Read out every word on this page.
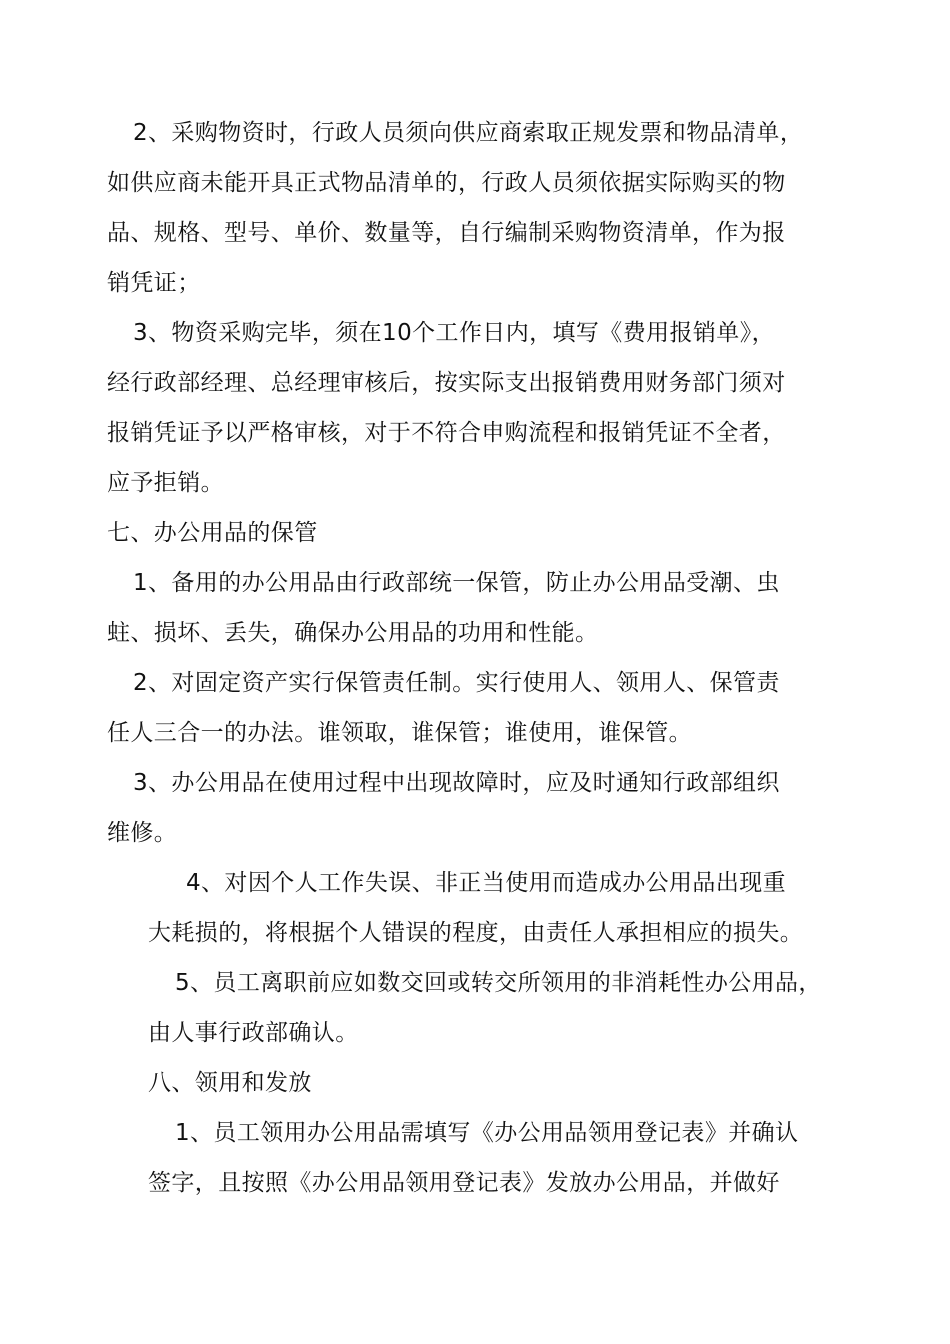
2、采购物资时，行政人员须向供应商索取正规发票和物品清单，
如供应商未能开具正式物品清单的，行政人员须依据实际购买的物
品、规格、型号、单价、数量等，自行编制采购物资清单，作为报
销凭证；
3、物资采购完毕，须在10个工作日内，填写《费用报销单》，
经行政部经理、总经理审核后，按实际支出报销费用财务部门须对
报销凭证予以严格审核，对于不符合申购流程和报销凭证不全者，
应予拒销。
七、办公用品的保管
1、备用的办公用品由行政部统一保管，防止办公用品受潮、虫
蛀、损坏、丢失，确保办公用品的功用和性能。
2、对固定资产实行保管责任制。实行使用人、领用人、保管责
任人三合一的办法。谁领取，谁保管；谁使用，谁保管。
3、办公用品在使用过程中出现故障时，应及时通知行政部组织
维修。
4、对因个人工作失误、非正当使用而造成办公用品出现重
大耗损的，将根据个人错误的程度，由责任人承担相应的损失。
5、员工离职前应如数交回或转交所领用的非消耗性办公用品，
由人事行政部确认。
八、领用和发放
1、员工领用办公用品需填写《办公用品领用登记表》并确认
签字，且按照《办公用品领用登记表》发放办公用品，并做好
